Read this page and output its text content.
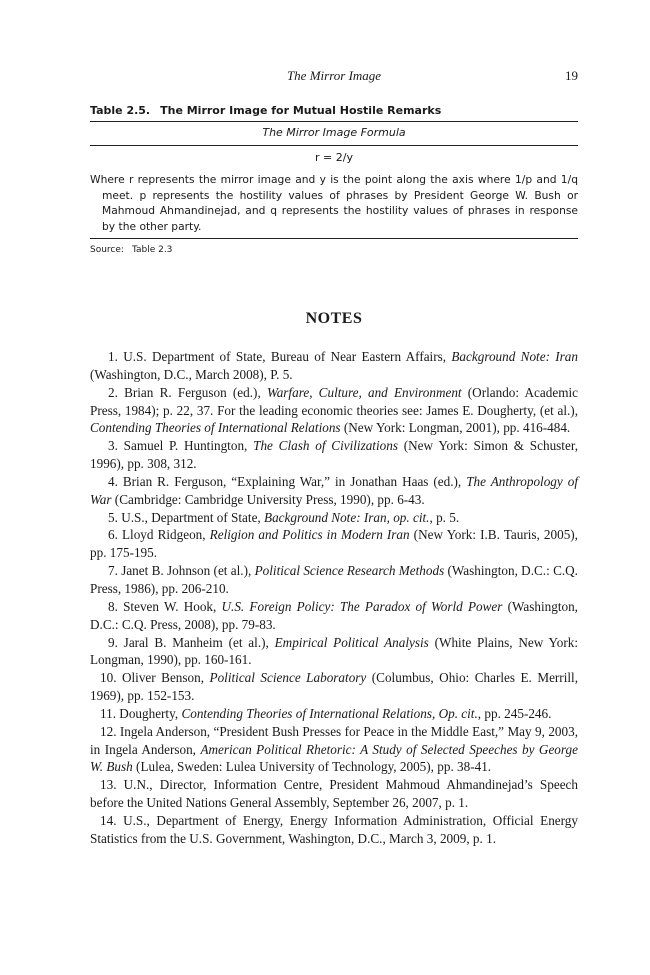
The Mirror Image	19
Table 2.5. The Mirror Image for Mutual Hostile Remarks
The Mirror Image Formula
r = 2/y
Where r represents the mirror image and y is the point along the axis where 1/p and 1/q meet. p represents the hostility values of phrases by President George W. Bush or Mahmoud Ahmandinejad, and q represents the hostility values of phrases in response by the other party.
Source: Table 2.3
NOTES

1. U.S. Department of State, Bureau of Near Eastern Affairs, Background Note: Iran (Washington, D.C., March 2008), P. 5.

2. Brian R. Ferguson (ed.), Warfare, Culture, and Environment (Orlando: Academic Press, 1984); p. 22, 37. For the leading economic theories see: James E. Dougherty, (et al.), Contending Theories of International Relations (New York: Longman, 2001), pp. 416-484.

3. Samuel P. Huntington, The Clash of Civilizations (New York: Simon & Schuster, 1996), pp. 308, 312.

4. Brian R. Ferguson, “Explaining War,” in Jonathan Haas (ed.), The Anthropology of War (Cambridge: Cambridge University Press, 1990), pp. 6-43.

5. U.S., Department of State, Background Note: Iran, op. cit., p. 5.

6. Lloyd Ridgeon, Religion and Politics in Modern Iran (New York: I.B. Tauris, 2005), pp. 175-195.

7. Janet B. Johnson (et al.), Political Science Research Methods (Washington, D.C.: C.Q. Press, 1986), pp. 206-210.

8. Steven W. Hook, U.S. Foreign Policy: The Paradox of World Power (Washington, D.C.: C.Q. Press, 2008), pp. 79-83.

9. Jaral B. Manheim (et al.), Empirical Political Analysis (White Plains, New York: Longman, 1990), pp. 160-161.

10. Oliver Benson, Political Science Laboratory (Columbus, Ohio: Charles E. Merrill, 1969), pp. 152-153.

11. Dougherty, Contending Theories of International Relations, Op. cit., pp. 245-246.

12. Ingela Anderson, “President Bush Presses for Peace in the Middle East,” May 9, 2003, in Ingela Anderson, American Political Rhetoric: A Study of Selected Speeches by George W. Bush (Lulea, Sweden: Lulea University of Technology, 2005), pp. 38-41.

13. U.N., Director, Information Centre, President Mahmoud Ahmandinejad’s Speech before the United Nations General Assembly, September 26, 2007, p. 1.

14. U.S., Department of Energy, Energy Information Administration, Official Energy Statistics from the U.S. Government, Washington, D.C., March 3, 2009, p. 1.
